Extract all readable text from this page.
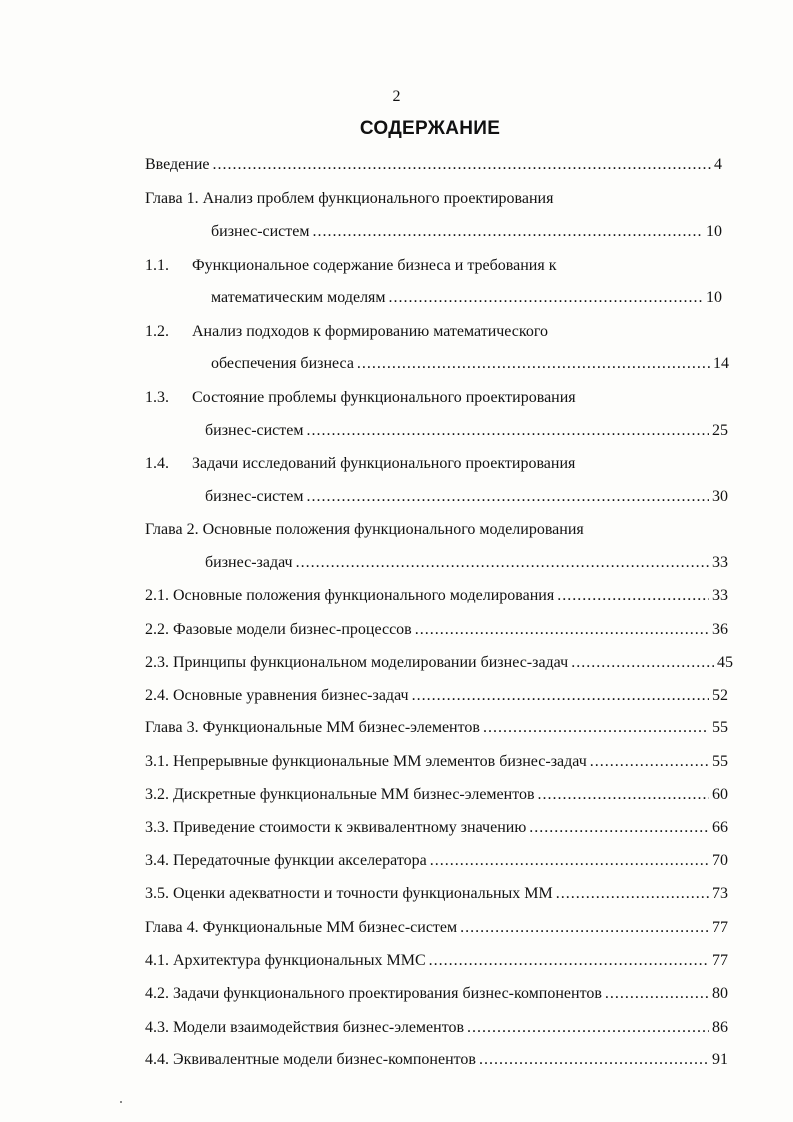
2
СОДЕРЖАНИЕ
Введение .....	4
Глава 1. Анализ проблем функционального проектирования
бизнес-систем .....	10
1.1. Функциональное содержание бизнеса и требования к
математическим моделям .....	10
1.2. Анализ подходов к формированию математического
обеспечения бизнеса .....	14
1.3. Состояние проблемы функционального проектирования
бизнес-систем .....	25
1.4. Задачи исследований функционального проектирования
бизнес-систем .....	30
Глава 2. Основные положения функционального моделирования
бизнес-задач .....	33
2.1. Основные положения функционального моделирования .....	33
2.2. Фазовые модели бизнес-процессов .....	36
2.3. Принципы функциональном моделировании бизнес-задач .....	45
2.4. Основные уравнения бизнес-задач .....	52
Глава 3. Функциональные ММ бизнес-элементов .....	55
3.1. Непрерывные функциональные ММ элементов бизнес-задач .....	55
3.2. Дискретные функциональные ММ бизнес-элементов .....	60
3.3. Приведение стоимости к эквивалентному значению .....	66
3.4. Передаточные функции акселератора .....	70
3.5. Оценки адекватности и точности функциональных ММ .....	73
Глава 4. Функциональные ММ бизнес-систем .....	77
4.1. Архитектура функциональных ММС .....	77
4.2. Задачи функционального проектирования бизнес-компонентов .....	80
4.3. Модели взаимодействия бизнес-элементов .....	86
4.4. Эквивалентные модели бизнес-компонентов .....	91
